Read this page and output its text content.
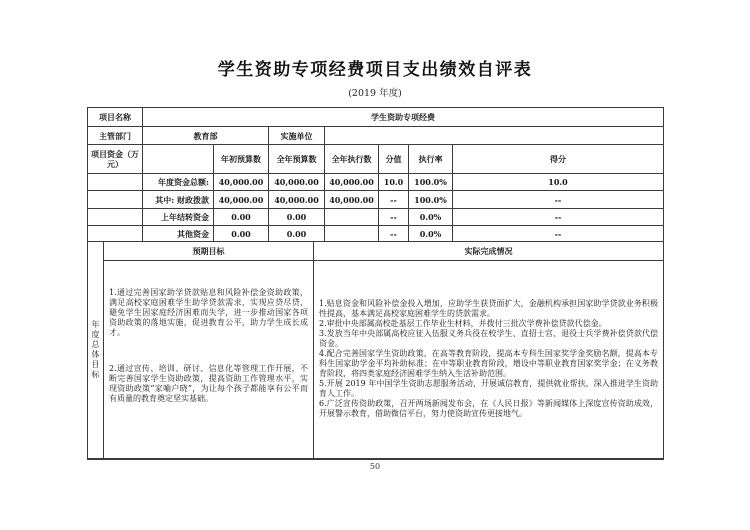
学生资助专项经费项目支出绩效自评表
(2019 年度)
项目名称		学生资助专项经费							
主管部门		教育部		实施单位					
项目资金（万元）			年初预算数	全年预算数		全年执行数	分值	执行率	得分
		年度资金总额:	40,000.00	40,000.00		40,000.00	10.0	100.0%	10.0
		其中: 财政拨款	40,000.00	40,000.00		40,000.00	--	100.0%	--
		上年结转资金	0.00	0.00			--	0.0%	--
		其他资金	0.00	0.00			--	0.0%	--
年
度
总
体
目
标	预期目标	实际完成情况

1.通过完善国家助学贷款贴息和风险补偿金资助政策，满足高校家庭困难学生助学贷款需求，实现应贷尽贷，避免学生因家庭经济困难而失学，进一步推动国家各项资助政策的落地实施，促进教育公平，助力学生成长成才。
2.通过宣传、培训、研讨、信息化等管理工作开展，不断完善国家学生资助政策，提高资助工作管理水平，实现资助政策“家喻户晓”，为让每个孩子都能享有公平而有质量的教育奠定坚实基础。

1.贴息资金和风险补偿金投入增加，应助学生获贷面扩大，金融机构承担国家助学贷款业务积极性提高，基本满足高校家庭困难学生的贷款需求。
2.审批中央部属高校赴基层工作毕业生材料，并拨付三批次学费补偿贷款代偿金。
3.发放当年中央部属高校应征入伍服义务兵役在校学生、直招士官、退役士兵学费补偿贷款代偿资金。
4.配合完善国家学生资助政策，在高等教育阶段，提高本专科生国家奖学金奖励名额，提高本专科生国家助学金平均补助标准；在中等职业教育阶段，增设中等职业教育国家奖学金；在义务教育阶段，将四类家庭经济困难学生纳入生活补助范围。
5.开展 2019 年中国学生资助志愿服务活动，开展诚信教育，提供就业帮扶，深入推进学生资助育人工作。
6.广泛宣传资助政策，召开两场新闻发布会，在《人民日报》等新闻媒体上深度宣传资助成效，开展警示教育，借助微信平台，努力使资助宣传更接地气。
50
